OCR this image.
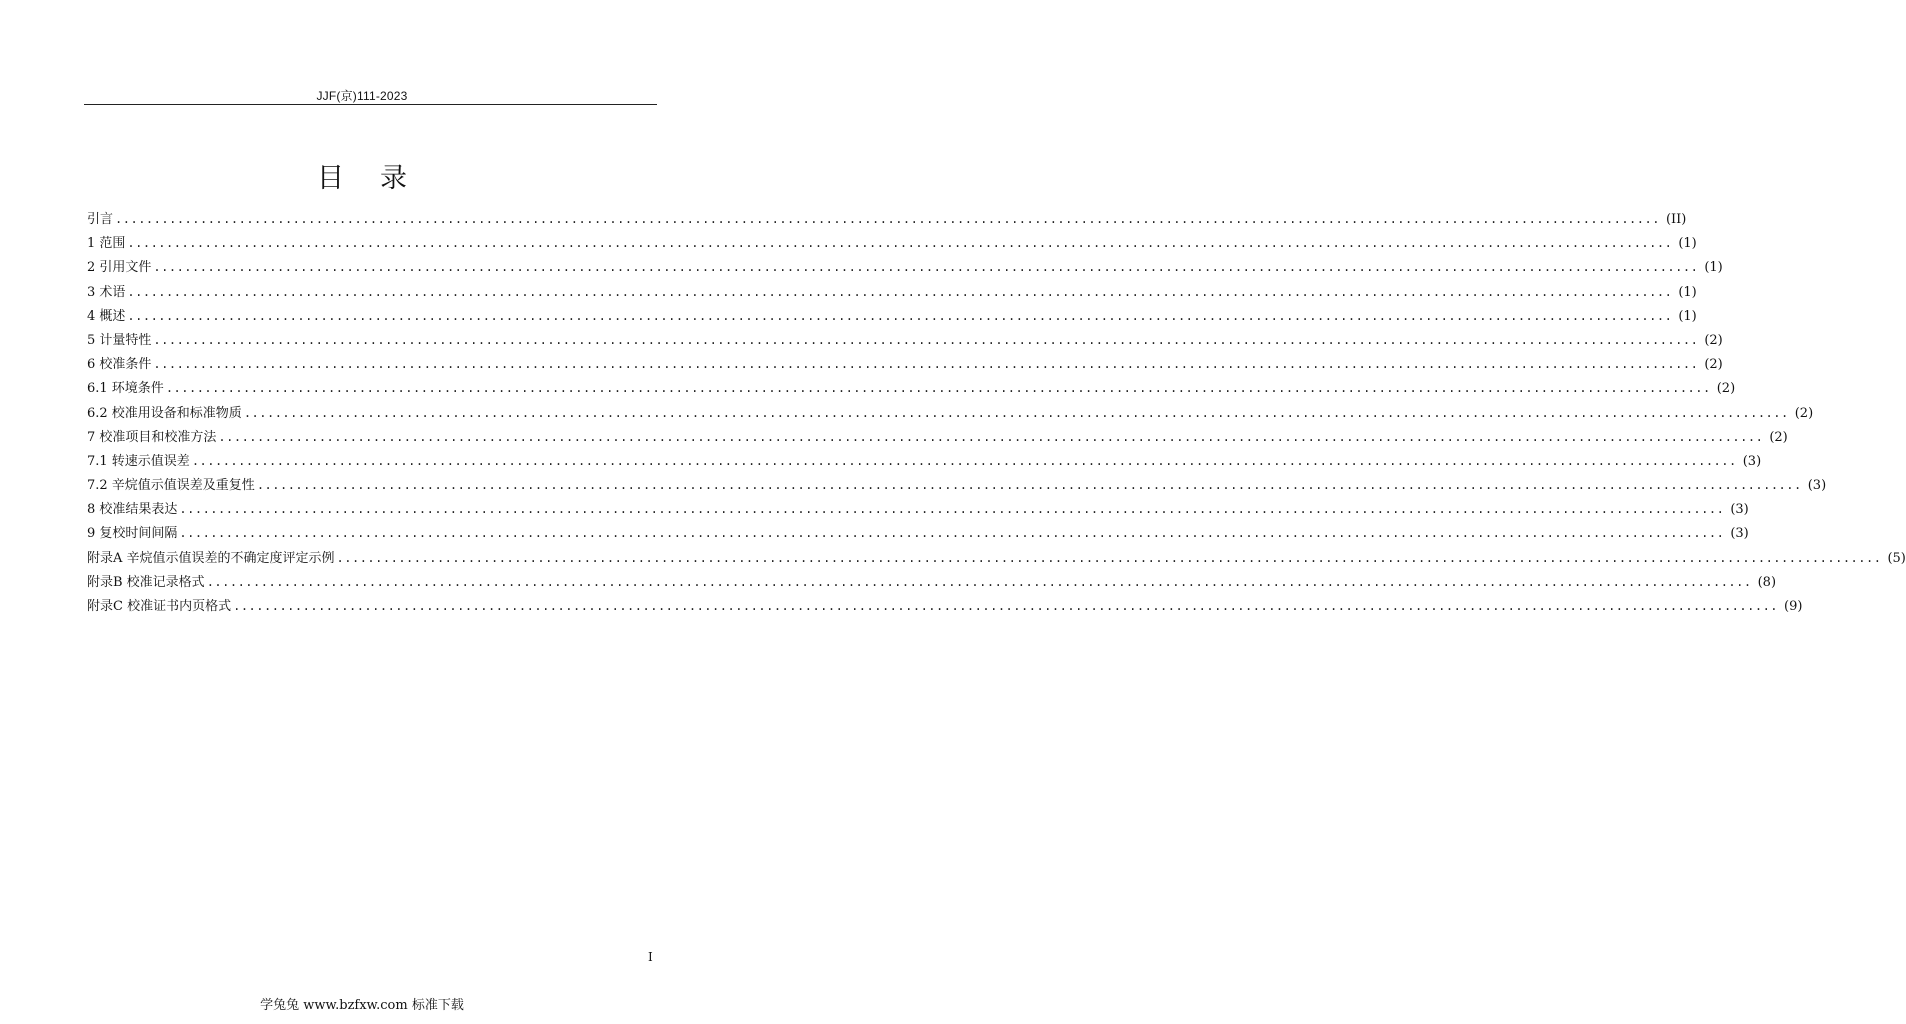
JJF(京)111-2023
目录
引言 ........................................................................................................................................................................................................ (II)
1 范围 ........................................................................................................................................................................................................ (1)
2 引用文件 ........................................................................................................................................................................................................ (1)
3 术语 ........................................................................................................................................................................................................ (1)
4 概述 ........................................................................................................................................................................................................ (1)
5 计量特性 ........................................................................................................................................................................................................ (2)
6 校准条件 ........................................................................................................................................................................................................ (2)
6.1 环境条件 ........................................................................................................................................................................................................ (2)
6.2 校准用设备和标准物质 ........................................................................................................................................................................................................ (2)
7 校准项目和校准方法 ........................................................................................................................................................................................................ (2)
7.1 转速示值误差 ........................................................................................................................................................................................................ (3)
7.2 辛烷值示值误差及重复性 ........................................................................................................................................................................................................ (3)
8 校准结果表达 ........................................................................................................................................................................................................ (3)
9 复校时间间隔 ........................................................................................................................................................................................................ (3)
附录A 辛烷值示值误差的不确定度评定示例 ........................................................................................................................................................................................................ (5)
附录B 校准记录格式 ........................................................................................................................................................................................................ (8)
附录C 校准证书内页格式 ........................................................................................................................................................................................................ (9)
I
学兔兔 www.bzfxw.com 标准下载
